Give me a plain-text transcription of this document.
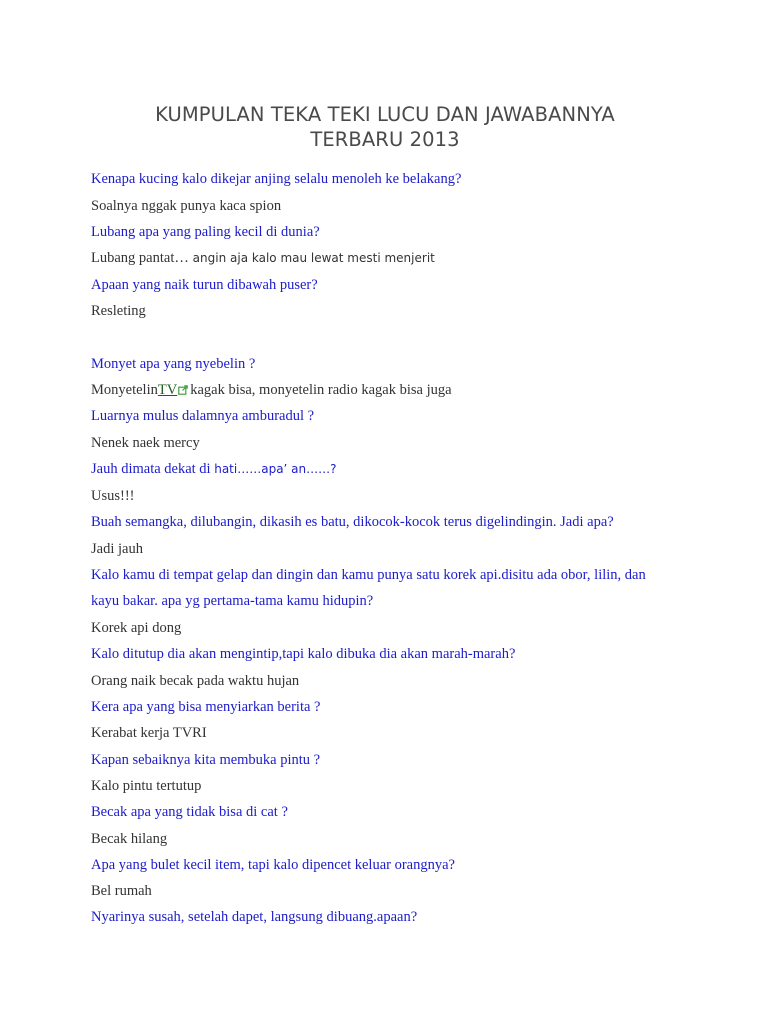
KUMPULAN TEKA TEKI LUCU DAN JAWABANNYA
TERBARU 2013
Kenapa kucing kalo dikejar anjing selalu menoleh ke belakang?
Soalnya nggak punya kaca spion
Lubang apa yang paling kecil di dunia?
Lubang pantat… angin aja kalo mau lewat mesti menjerit
Apaan yang naik turun dibawah puser?
Resleting
Monyet apa yang nyebelin ?
MonyetelinTV kagak bisa, monyetelin radio kagak bisa juga
Luarnya mulus dalamnya amburadul ?
Nenek naek mercy
Jauh dimata dekat di hati……apa’ an……?
Usus!!!
Buah semangka, dilubangin, dikasih es batu, dikocok-kocok terus digelindingin. Jadi apa?
Jadi jauh
Kalo kamu di tempat gelap dan dingin dan kamu punya satu korek api.disitu ada obor, lilin, dan
kayu bakar. apa yg pertama-tama kamu hidupin?
Korek api dong
Kalo ditutup dia akan mengintip,tapi kalo dibuka dia akan marah-marah?
Orang naik becak pada waktu hujan
Kera apa yang bisa menyiarkan berita ?
Kerabat kerja TVRI
Kapan sebaiknya kita membuka pintu ?
Kalo pintu tertutup
Becak apa yang tidak bisa di cat ?
Becak hilang
Apa yang bulet kecil item, tapi kalo dipencet keluar orangnya?
Bel rumah
Nyarinya susah, setelah dapet, langsung dibuang.apaan?
